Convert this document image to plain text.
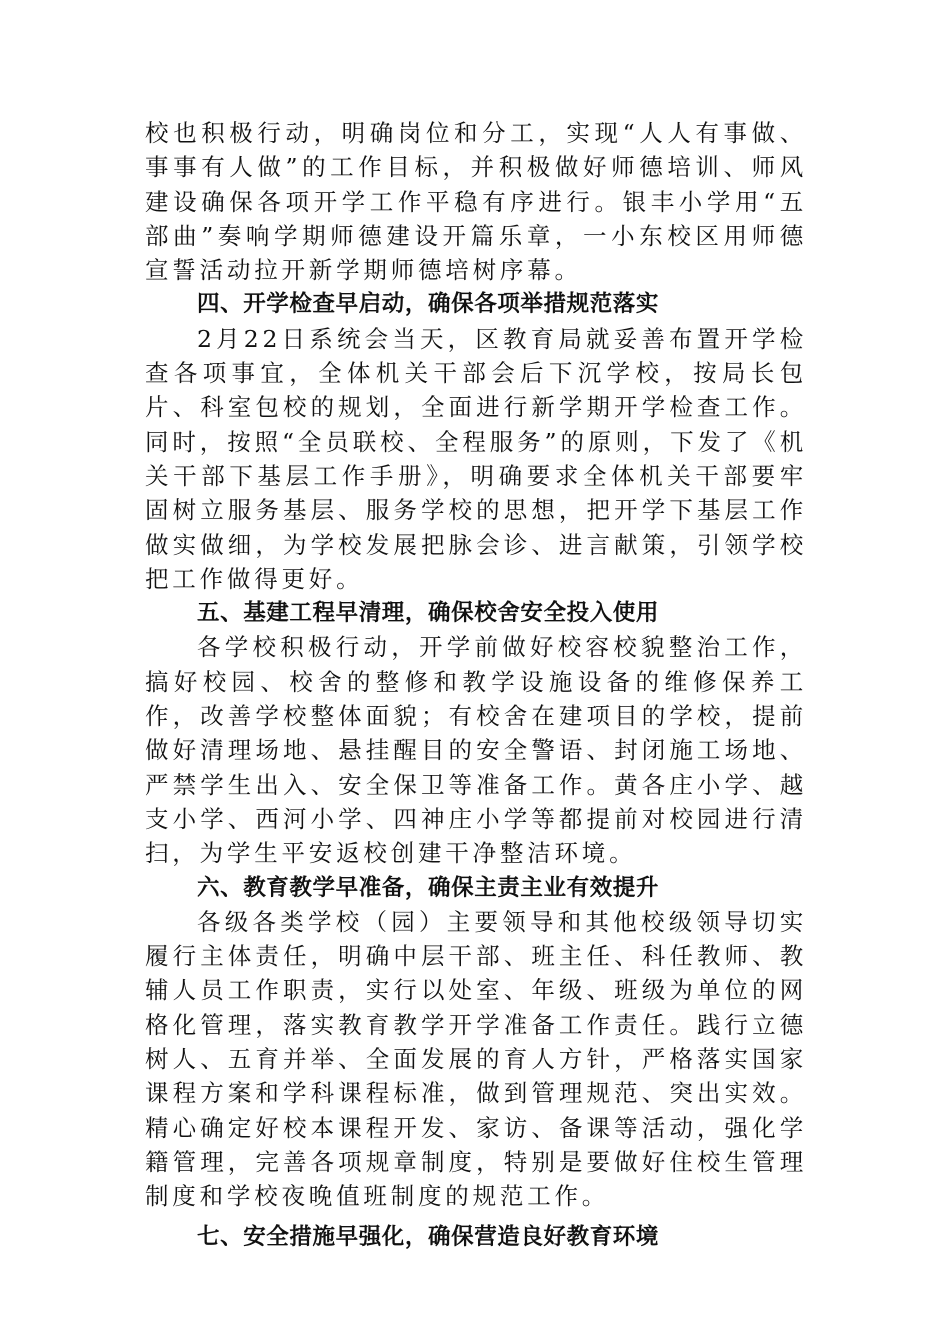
校也积极行动，明确岗位和分工，实现“人人有事做、事事有人做”的工作目标，并积极做好师德培训、师风建设确保各项开学工作平稳有序进行。银丰小学用“五部曲”奏响学期师德建设开篇乐章，一小东校区用师德宣誓活动拉开新学期师德培树序幕。

四、开学检查早启动，确保各项举措规范落实

2月22日系统会当天，区教育局就妥善布置开学检查各项事宜，全体机关干部会后下沉学校，按局长包片、科室包校的规划，全面进行新学期开学检查工作。同时，按照“全员联校、全程服务”的原则，下发了《机关干部下基层工作手册》，明确要求全体机关干部要牢固树立服务基层、服务学校的思想，把开学下基层工作做实做细，为学校发展把脉会诊、进言献策，引领学校把工作做得更好。

五、基建工程早清理，确保校舍安全投入使用

各学校积极行动，开学前做好校容校貌整治工作，搞好校园、校舍的整修和教学设施设备的维修保养工作，改善学校整体面貌；有校舍在建项目的学校，提前做好清理场地、悬挂醒目的安全警语、封闭施工场地、严禁学生出入、安全保卫等准备工作。黄各庄小学、越支小学、西河小学、四神庄小学等都提前对校园进行清扫，为学生平安返校创建干净整洁环境。

六、教育教学早准备，确保主责主业有效提升

各级各类学校（园）主要领导和其他校级领导切实履行主体责任，明确中层干部、班主任、科任教师、教辅人员工作职责，实行以处室、年级、班级为单位的网格化管理，落实教育教学开学准备工作责任。践行立德树人、五育并举、全面发展的育人方针，严格落实国家课程方案和学科课程标准，做到管理规范、突出实效。精心确定好校本课程开发、家访、备课等活动，强化学籍管理，完善各项规章制度，特别是要做好住校生管理制度和学校夜晚值班制度的规范工作。

七、安全措施早强化，确保营造良好教育环境
